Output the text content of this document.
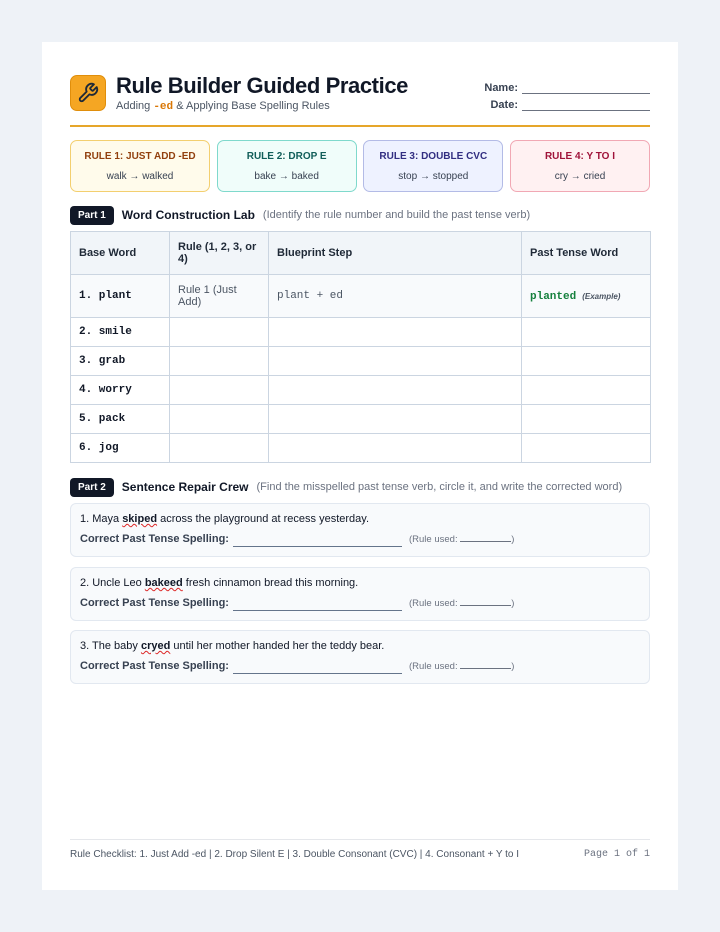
Rule Builder Guided Practice
Adding -ed & Applying Base Spelling Rules
Name:
Date:
RULE 1: JUST ADD -ED
walk → walked
RULE 2: DROP E
bake → baked
RULE 3: DOUBLE CVC
stop → stopped
RULE 4: Y TO I
cry → cried
Part 1	Word Construction Lab (Identify the rule number and build the past tense verb)
Base Word	Rule (1, 2, 3, or 4)	Blueprint Step	Past Tense Word
1. plant	Rule 1 (Just Add)	plant + ed	planted (Example)
2. smile			
3. grab			
4. worry			
5. pack			
6. jog			
Part 2	Sentence Repair Crew (Find the misspelled past tense verb, circle it, and write the corrected word)
1. Maya skiped across the playground at recess yesterday.
Correct Past Tense Spelling:	(Rule used:	)
2. Uncle Leo bakeed fresh cinnamon bread this morning.
Correct Past Tense Spelling:	(Rule used:	)
3. The baby cryed until her mother handed her the teddy bear.
Correct Past Tense Spelling:	(Rule used:	)
Rule Checklist: 1. Just Add -ed | 2. Drop Silent E | 3. Double Consonant (CVC) | 4. Consonant + Y to I	Page 1 of 1
